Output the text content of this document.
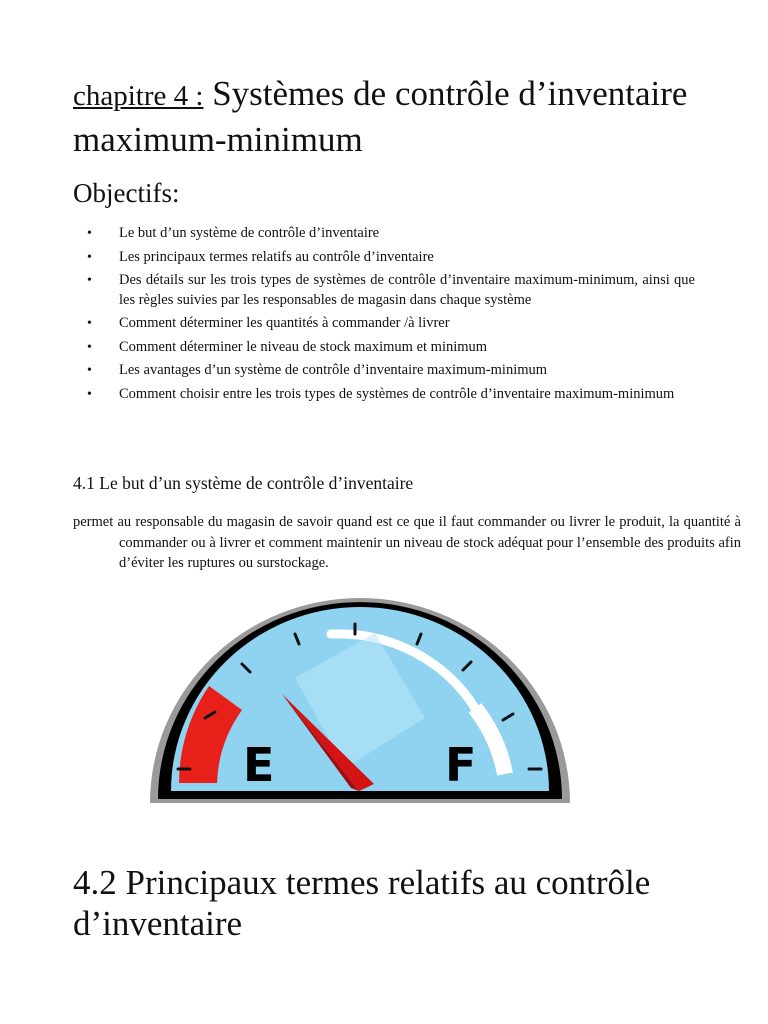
chapitre 4 : Systèmes de contrôle d’inventaire maximum-minimum
Objectifs:
• Le but d’un système de contrôle d’inventaire
• Les principaux termes relatifs au contrôle d’inventaire
• Des détails sur les trois types de systèmes de contrôle d’inventaire maximum-minimum, ainsi que les règles suivies par les responsables de magasin dans chaque système
• Comment déterminer les quantités à commander /à livrer
• Comment déterminer le niveau de stock maximum et minimum
• Les avantages d’un système de contrôle d’inventaire maximum-minimum
• Comment choisir entre les trois types de systèmes de contrôle d’inventaire maximum-minimum
4.1 Le but d’un système de contrôle d’inventaire

permet au responsable du magasin de savoir quand est ce que il faut commander ou livrer le produit, la quantité à commander ou à livrer et comment maintenir un niveau de stock adéquat pour l’ensemble des produits afin d’éviter les ruptures ou surstockage.

E	F
4.2 Principaux termes relatifs au contrôle d’inventaire
